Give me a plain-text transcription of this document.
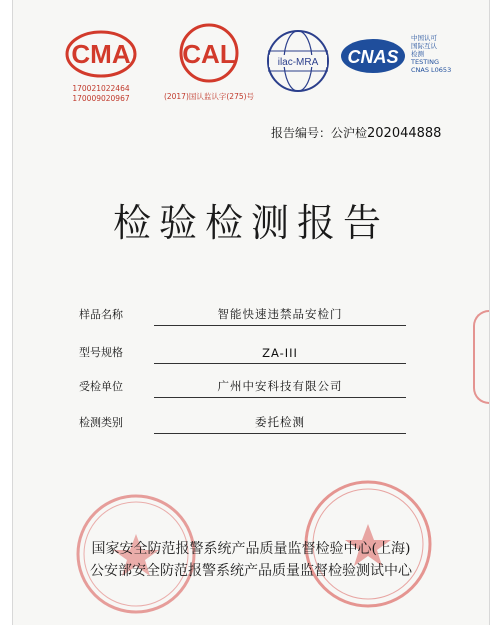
CMA
170021022464
170009020967
CAL
(2017)国认监认字(275)号
ilac-MRA CNAS
中国认可
国际互认
检测
TESTING
CNAS L0653
报告编号：公沪检202044888
检验检测报告
样品名称	智能快速违禁品安检门
型号规格	ZA-III
受检单位	广州中安科技有限公司
检测类别	委托检测
国家安全防范报警系统产品质量监督检验中心(上海)
公安部安全防范报警系统产品质量监督检验测试中心
